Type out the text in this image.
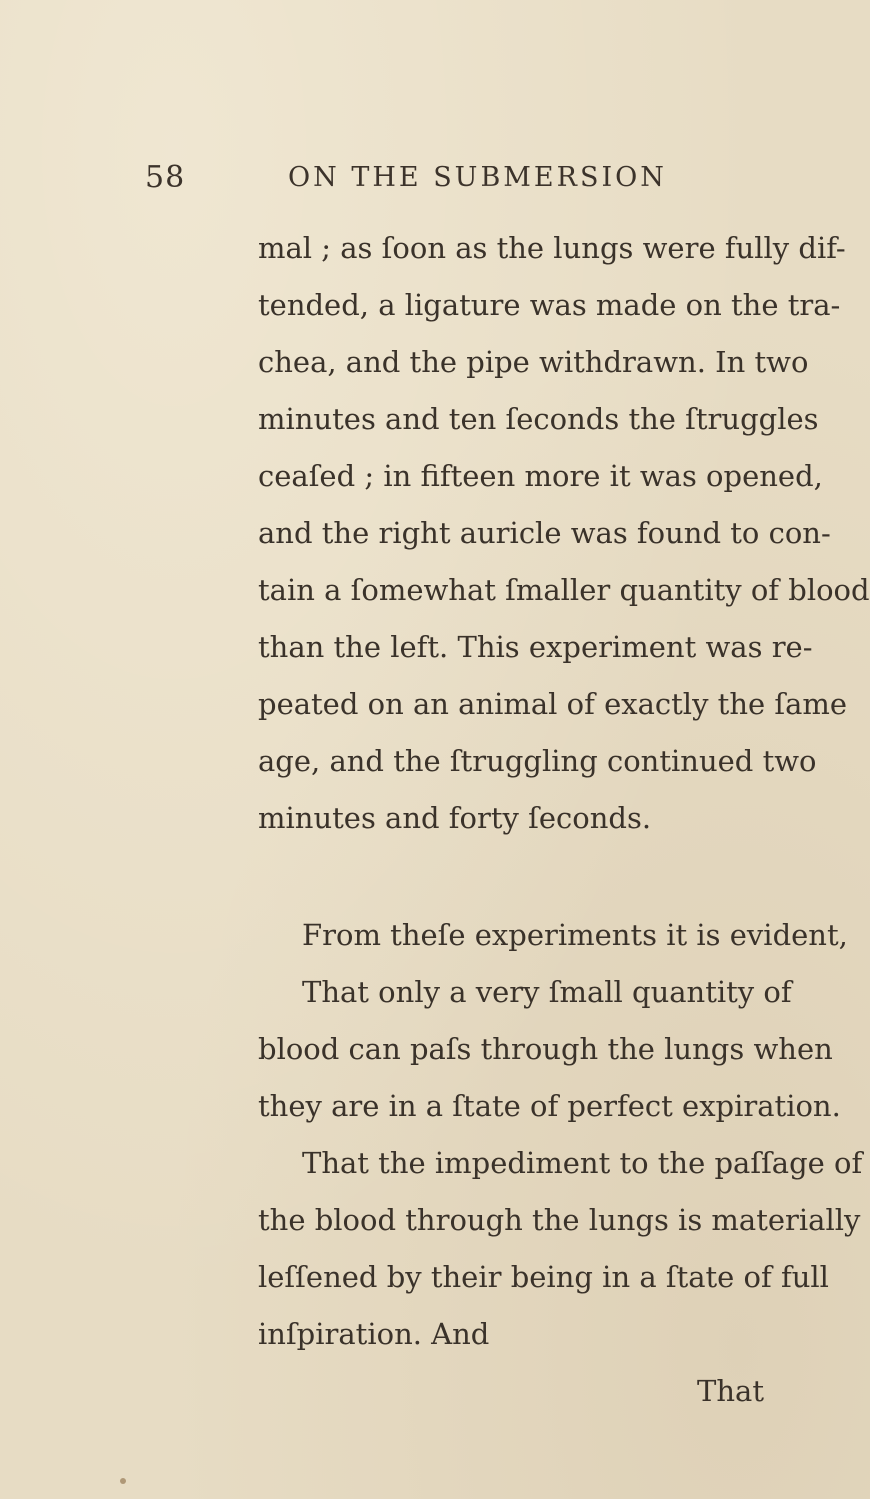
58	ON THE SUBMERSION
mal ; as ſoon as the lungs were fully dif-
tended, a ligature was made on the tra-
chea, and the pipe withdrawn. In two
minutes and ten ſeconds the ſtruggles
ceaſed ; in fifteen more it was opened,
and the right auricle was found to con-
tain a ſomewhat ſmaller quantity of blood
than the left. This experiment was re-
peated on an animal of exactly the ſame
age, and the ſtruggling continued two
minutes and forty ſeconds.
From theſe experiments it is evident,
That only a very ſmall quantity of
blood can paſs through the lungs when
they are in a ſtate of perfect expiration.
That the impediment to the paſſage of
the blood through the lungs is materially
leſſened by their being in a ſtate of full
inſpiration. And
That
